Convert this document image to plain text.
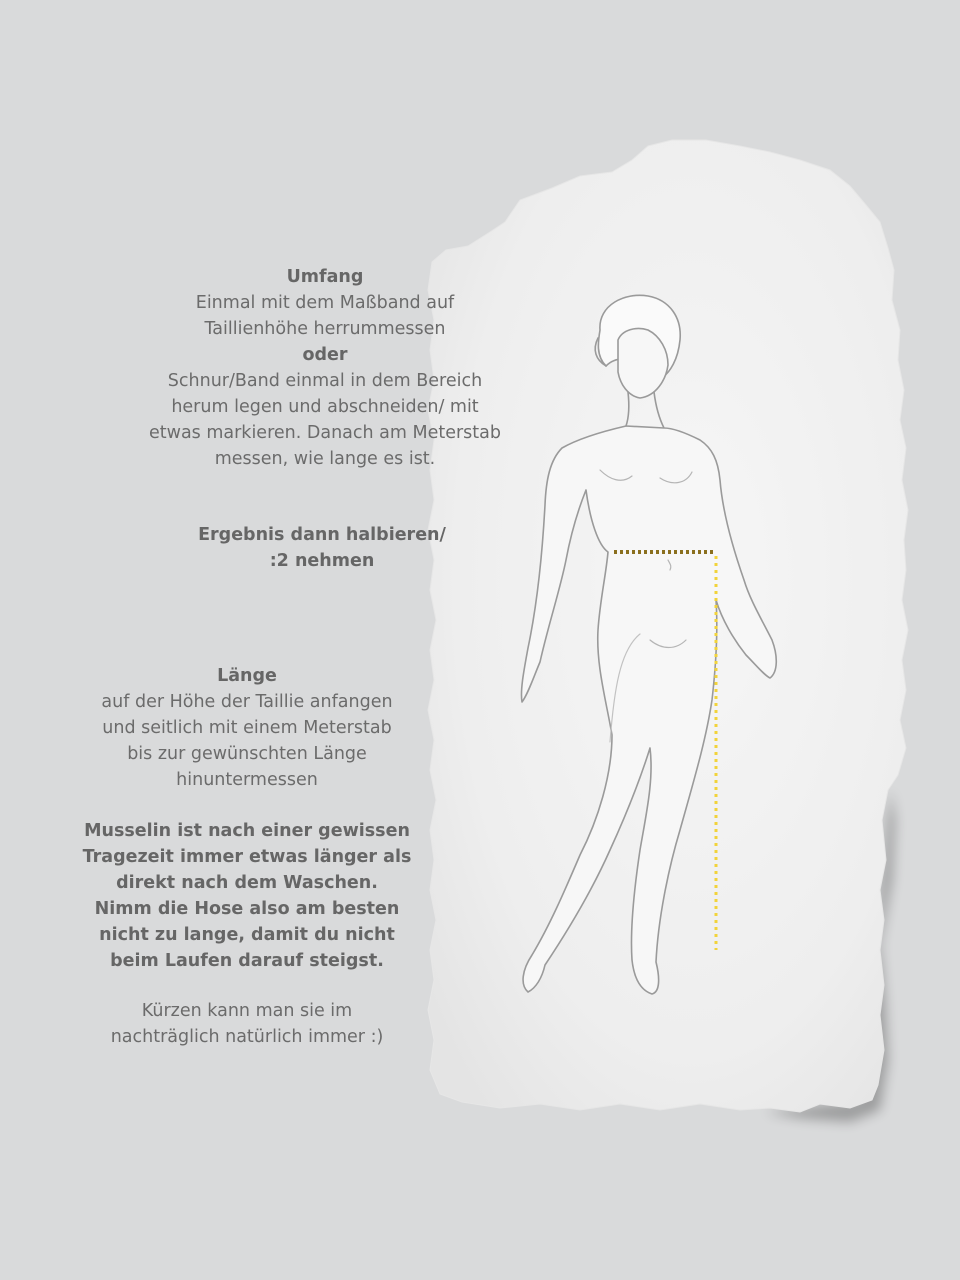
Umfang
Einmal mit dem Maßband auf
Taillienhöhe herrummessen
oder
Schnur/Band einmal in dem Bereich
herum legen und abschneiden/ mit
etwas markieren. Danach am Meterstab
messen, wie lange es ist.
Ergebnis dann halbieren/
:2 nehmen
Länge
auf der Höhe der Taillie anfangen
und seitlich mit einem Meterstab
bis zur gewünschten Länge
hinuntermessen
Musselin ist nach einer gewissen
Tragezeit immer etwas länger als
direkt nach dem Waschen.
Nimm die Hose also am besten
nicht zu lange, damit du nicht
beim Laufen darauf steigst.
Kürzen kann man sie im
nachträglich natürlich immer :)
